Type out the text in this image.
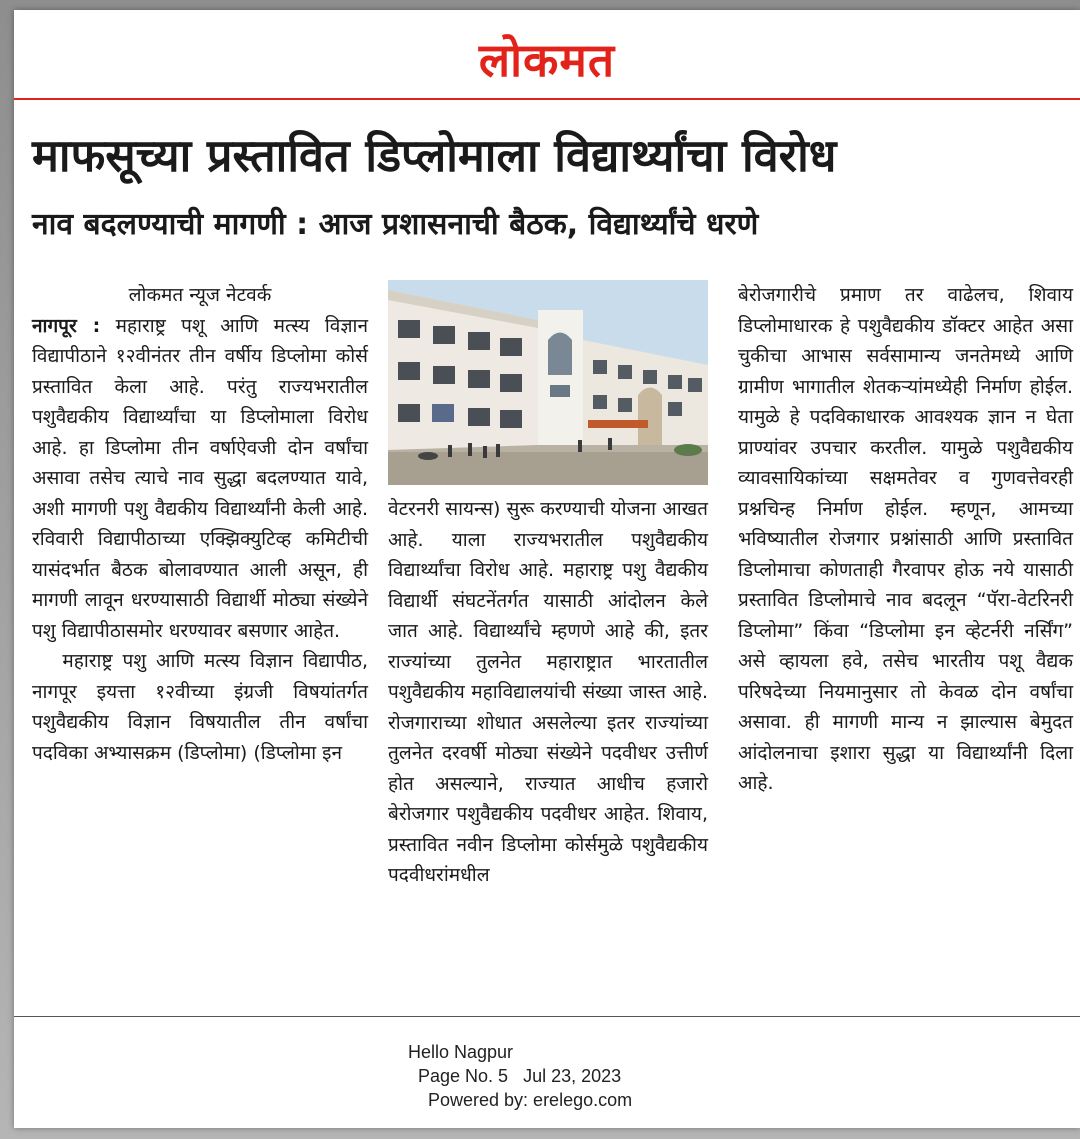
लोकमत
माफसूच्या प्रस्तावित डिप्लोमाला विद्यार्थ्यांचा विरोध
नाव बदलण्याची मागणी : आज प्रशासनाची बैठक, विद्यार्थ्यांचे धरणे

लोकमत न्यूज नेटवर्क

नागपूर : महाराष्ट्र पशू आणि मत्स्य विज्ञान विद्यापीठाने १२वीनंतर तीन वर्षीय डिप्लोमा कोर्स प्रस्तावित केला आहे. परंतु राज्यभरातील पशुवैद्यकीय विद्यार्थ्यांचा या डिप्लोमाला विरोध आहे. हा डिप्लोमा तीन वर्षाऐवजी दोन वर्षांचा असावा तसेच त्याचे नाव सुद्धा बदलण्यात यावे, अशी मागणी पशु वैद्यकीय विद्यार्थ्यांनी केली आहे. रविवारी विद्यापीठाच्या एक्झिक्युटिव्ह कमिटीची यासंदर्भात बैठक बोलावण्यात आली असून, ही मागणी लावून धरण्यासाठी विद्यार्थी मोठ्या संख्येने पशु विद्यापीठासमोर धरण्यावर बसणार आहेत.

महाराष्ट्र पशु आणि मत्स्य विज्ञान विद्यापीठ, नागपूर इयत्ता १२वीच्या इंग्रजी विषयांतर्गत पशुवैद्यकीय विज्ञान विषयातील तीन वर्षांचा पदविका अभ्यासक्रम (डिप्लोमा) (डिप्लोमा इन

वेटरनरी सायन्स) सुरू करण्याची योजना आखत आहे. याला राज्यभरातील पशुवैद्यकीय विद्यार्थ्यांचा विरोध आहे. महाराष्ट्र पशु वैद्यकीय विद्यार्थी संघटनेंतर्गत यासाठी आंदोलन केले जात आहे. विद्यार्थ्यांचे म्हणणे आहे की, इतर राज्यांच्या तुलनेत महाराष्ट्रात भारतातील पशुवैद्यकीय महाविद्यालयांची संख्या जास्त आहे. रोजगाराच्या शोधात असलेल्या इतर राज्यांच्या तुलनेत दरवर्षी मोठ्या संख्येने पदवीधर उत्तीर्ण होत असल्याने, राज्यात आधीच हजारो बेरोजगार पशुवैद्यकीय पदवीधर आहेत. शिवाय, प्रस्तावित नवीन डिप्लोमा कोर्समुळे पशुवैद्यकीय पदवीधरांमधील

बेरोजगारीचे प्रमाण तर वाढेलच, शिवाय डिप्लोमाधारक हे पशुवैद्यकीय डॉक्टर आहेत असा चुकीचा आभास सर्वसामान्य जनतेमध्ये आणि ग्रामीण भागातील शेतकऱ्यांमध्येही निर्माण होईल. यामुळे हे पदविकाधारक आवश्यक ज्ञान न घेता प्राण्यांवर उपचार करतील. यामुळे पशुवैद्यकीय व्यावसायिकांच्या सक्षमतेवर व गुणवत्तेवरही प्रश्नचिन्ह निर्माण होईल. म्हणून, आमच्या भविष्यातील रोजगार प्रश्नांसाठी आणि प्रस्तावित डिप्लोमाचा कोणताही गैरवापर होऊ नये यासाठी प्रस्तावित डिप्लोमाचे नाव बदलून “पॅरा-वेटरिनरी डिप्लोमा” किंवा “डिप्लोमा इन व्हेटर्नरी नर्सिंग” असे व्हायला हवे, तसेच भारतीय पशू वैद्यक परिषदेच्या नियमानुसार तो केवळ दोन वर्षांचा असावा. ही मागणी मान्य न झाल्यास बेमुदत आंदोलनाचा इशारा सुद्धा या विद्यार्थ्यांनी दिला आहे.

Hello Nagpur
Page No. 5   Jul 23, 2023
Powered by: erelego.com
